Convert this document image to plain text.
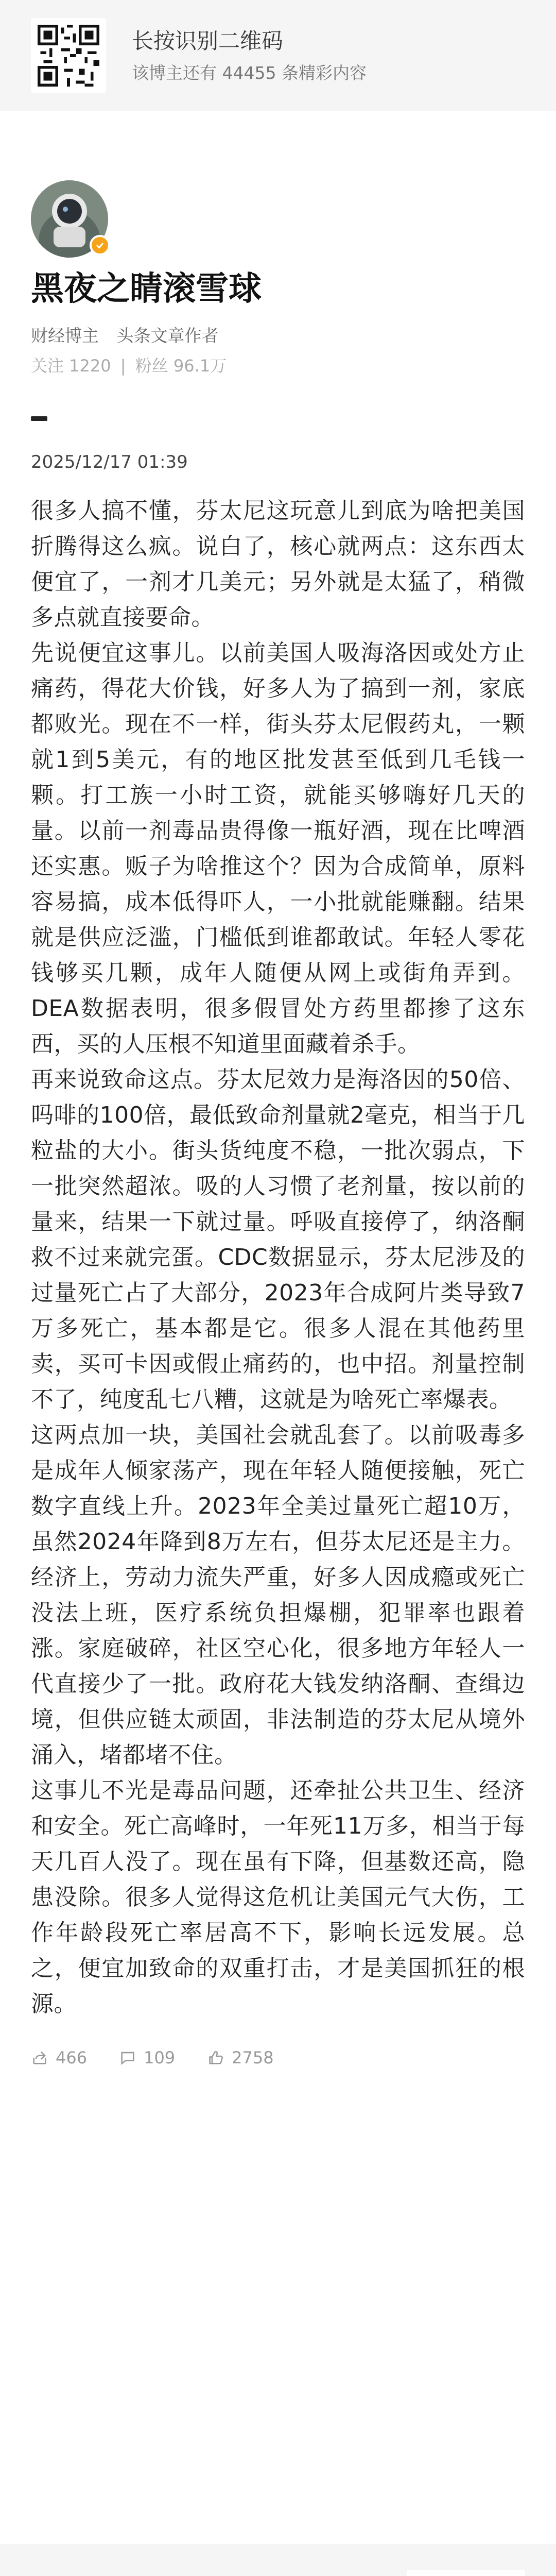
长按识别二维码
该博主还有 44455 条精彩内容
黑夜之睛滚雪球
财经博主 头条文章作者
关注 1220 | 粉丝 96.1万
2025/12/17 01:39

很多人搞不懂，芬太尼这玩意儿到底为啥把美国折腾得这么疯。说白了，核心就两点：这东西太便宜了，一剂才几美元；另外就是太猛了，稍微多点就直接要命。

先说便宜这事儿。以前美国人吸海洛因或处方止痛药，得花大价钱，好多人为了搞到一剂，家底都败光。现在不一样，街头芬太尼假药丸，一颗就1到5美元，有的地区批发甚至低到几毛钱一颗。打工族一小时工资，就能买够嗨好几天的量。以前一剂毒品贵得像一瓶好酒，现在比啤酒还实惠。贩子为啥推这个？因为合成简单，原料容易搞，成本低得吓人，一小批就能赚翻。结果就是供应泛滥，门槛低到谁都敢试。年轻人零花钱够买几颗，成年人随便从网上或街角弄到。DEA数据表明，很多假冒处方药里都掺了这东西，买的人压根不知道里面藏着杀手。

再来说致命这点。芬太尼效力是海洛因的50倍、吗啡的100倍，最低致命剂量就2毫克，相当于几粒盐的大小。街头货纯度不稳，一批次弱点，下一批突然超浓。吸的人习惯了老剂量，按以前的量来，结果一下就过量。呼吸直接停了，纳洛酮救不过来就完蛋。CDC数据显示，芬太尼涉及的过量死亡占了大部分，2023年合成阿片类导致7万多死亡，基本都是它。很多人混在其他药里卖，买可卡因或假止痛药的，也中招。剂量控制不了，纯度乱七八糟，这就是为啥死亡率爆表。

这两点加一块，美国社会就乱套了。以前吸毒多是成年人倾家荡产，现在年轻人随便接触，死亡数字直线上升。2023年全美过量死亡超10万，虽然2024年降到8万左右，但芬太尼还是主力。经济上，劳动力流失严重，好多人因成瘾或死亡没法上班，医疗系统负担爆棚，犯罪率也跟着涨。家庭破碎，社区空心化，很多地方年轻人一代直接少了一批。政府花大钱发纳洛酮、查缉边境，但供应链太顽固，非法制造的芬太尼从境外涌入，堵都堵不住。

这事儿不光是毒品问题，还牵扯公共卫生、经济和安全。死亡高峰时，一年死11万多，相当于每天几百人没了。现在虽有下降，但基数还高，隐患没除。很多人觉得这危机让美国元气大伤，工作年龄段死亡率居高不下，影响长远发展。总之，便宜加致命的双重打击，才是美国抓狂的根源。

466	109	2758
